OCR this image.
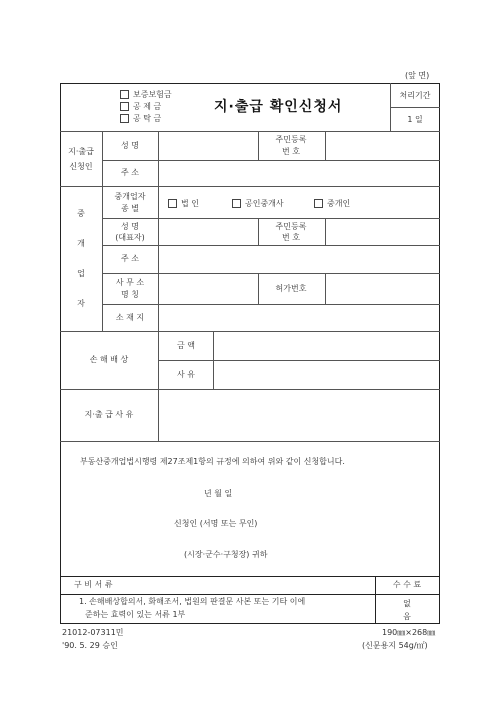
(앞 면)
보증보험금
공 제 금
공 탁 금
지·출급 확인신청서
처리기간
1 일
지·출급
신청인
성 명
주민등록
번 호
주 소
중
개
업
자
중개업자
종 별
법 인	공인중개사	중개인
성 명
(대표자)
주민등록
번 호
주 소
사 무 소
명 칭
허가번호
소 재 지
손 해 배 상
금 액
사 유
지·출 급 사 유
부동산중개업법시행령 제27조제1항의 규정에 의하여 위와 같이 신청합니다.
년 월 일
신청인 (서명 또는 무인)
(시장·군수·구청장) 귀하
구 비 서 류
1. 손해배상합의서, 화해조서, 법원의 판결문 사본 또는 기타 이에
준하는 효력이 있는 서류 1부
수 수 료
없
음
21012-07311민
'90. 5. 29 승인
190㎜×268㎜
(신문용지 54g/㎡)
